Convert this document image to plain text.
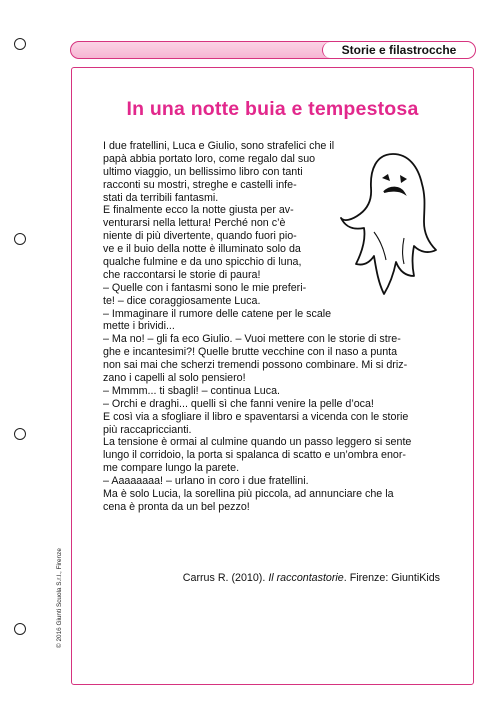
Storie e filastrocche
In una notte buia e tempestosa
I due fratellini, Luca e Giulio, sono strafelici che il
papà abbia portato loro, come regalo dal suo
ultimo viaggio, un bellissimo libro con tanti
racconti su mostri, streghe e castelli infe-
stati da terribili fantasmi.
E finalmente ecco la notte giusta per av-
venturarsi nella lettura! Perché non c’è
niente di più divertente, quando fuori pio-
ve e il buio della notte è illuminato solo da
qualche fulmine e da uno spicchio di luna,
che raccontarsi le storie di paura!
– Quelle con i fantasmi sono le mie preferi-
te! – dice coraggiosamente Luca.
– Immaginare il rumore delle catene per le scale
mette i brividi...
– Ma no! – gli fa eco Giulio. – Vuoi mettere con le storie di stre-
ghe e incantesimi?! Quelle brutte vecchine con il naso a punta
non sai mai che scherzi tremendi possono combinare. Mi si driz-
zano i capelli al solo pensiero!
– Mmmm... ti sbagli! – continua Luca.
– Orchi e draghi... quelli sì che fanni venire la pelle d’oca!
E così via a sfogliare il libro e spaventarsi a vicenda con le storie
più raccapriccianti.
La tensione è ormai al culmine quando un passo leggero si sente
lungo il corridoio, la porta si spalanca di scatto e un’ombra enor-
me compare lungo la parete.
– Aaaaaaaa! – urlano in coro i due fratellini.
Ma è solo Lucia, la sorellina più piccola, ad annunciare che la
cena è pronta da un bel pezzo!
Carrus R. (2010). Il raccontastorie. Firenze: GiuntiKids
© 2016 Giunti Scuola S.r.l., Firenze
